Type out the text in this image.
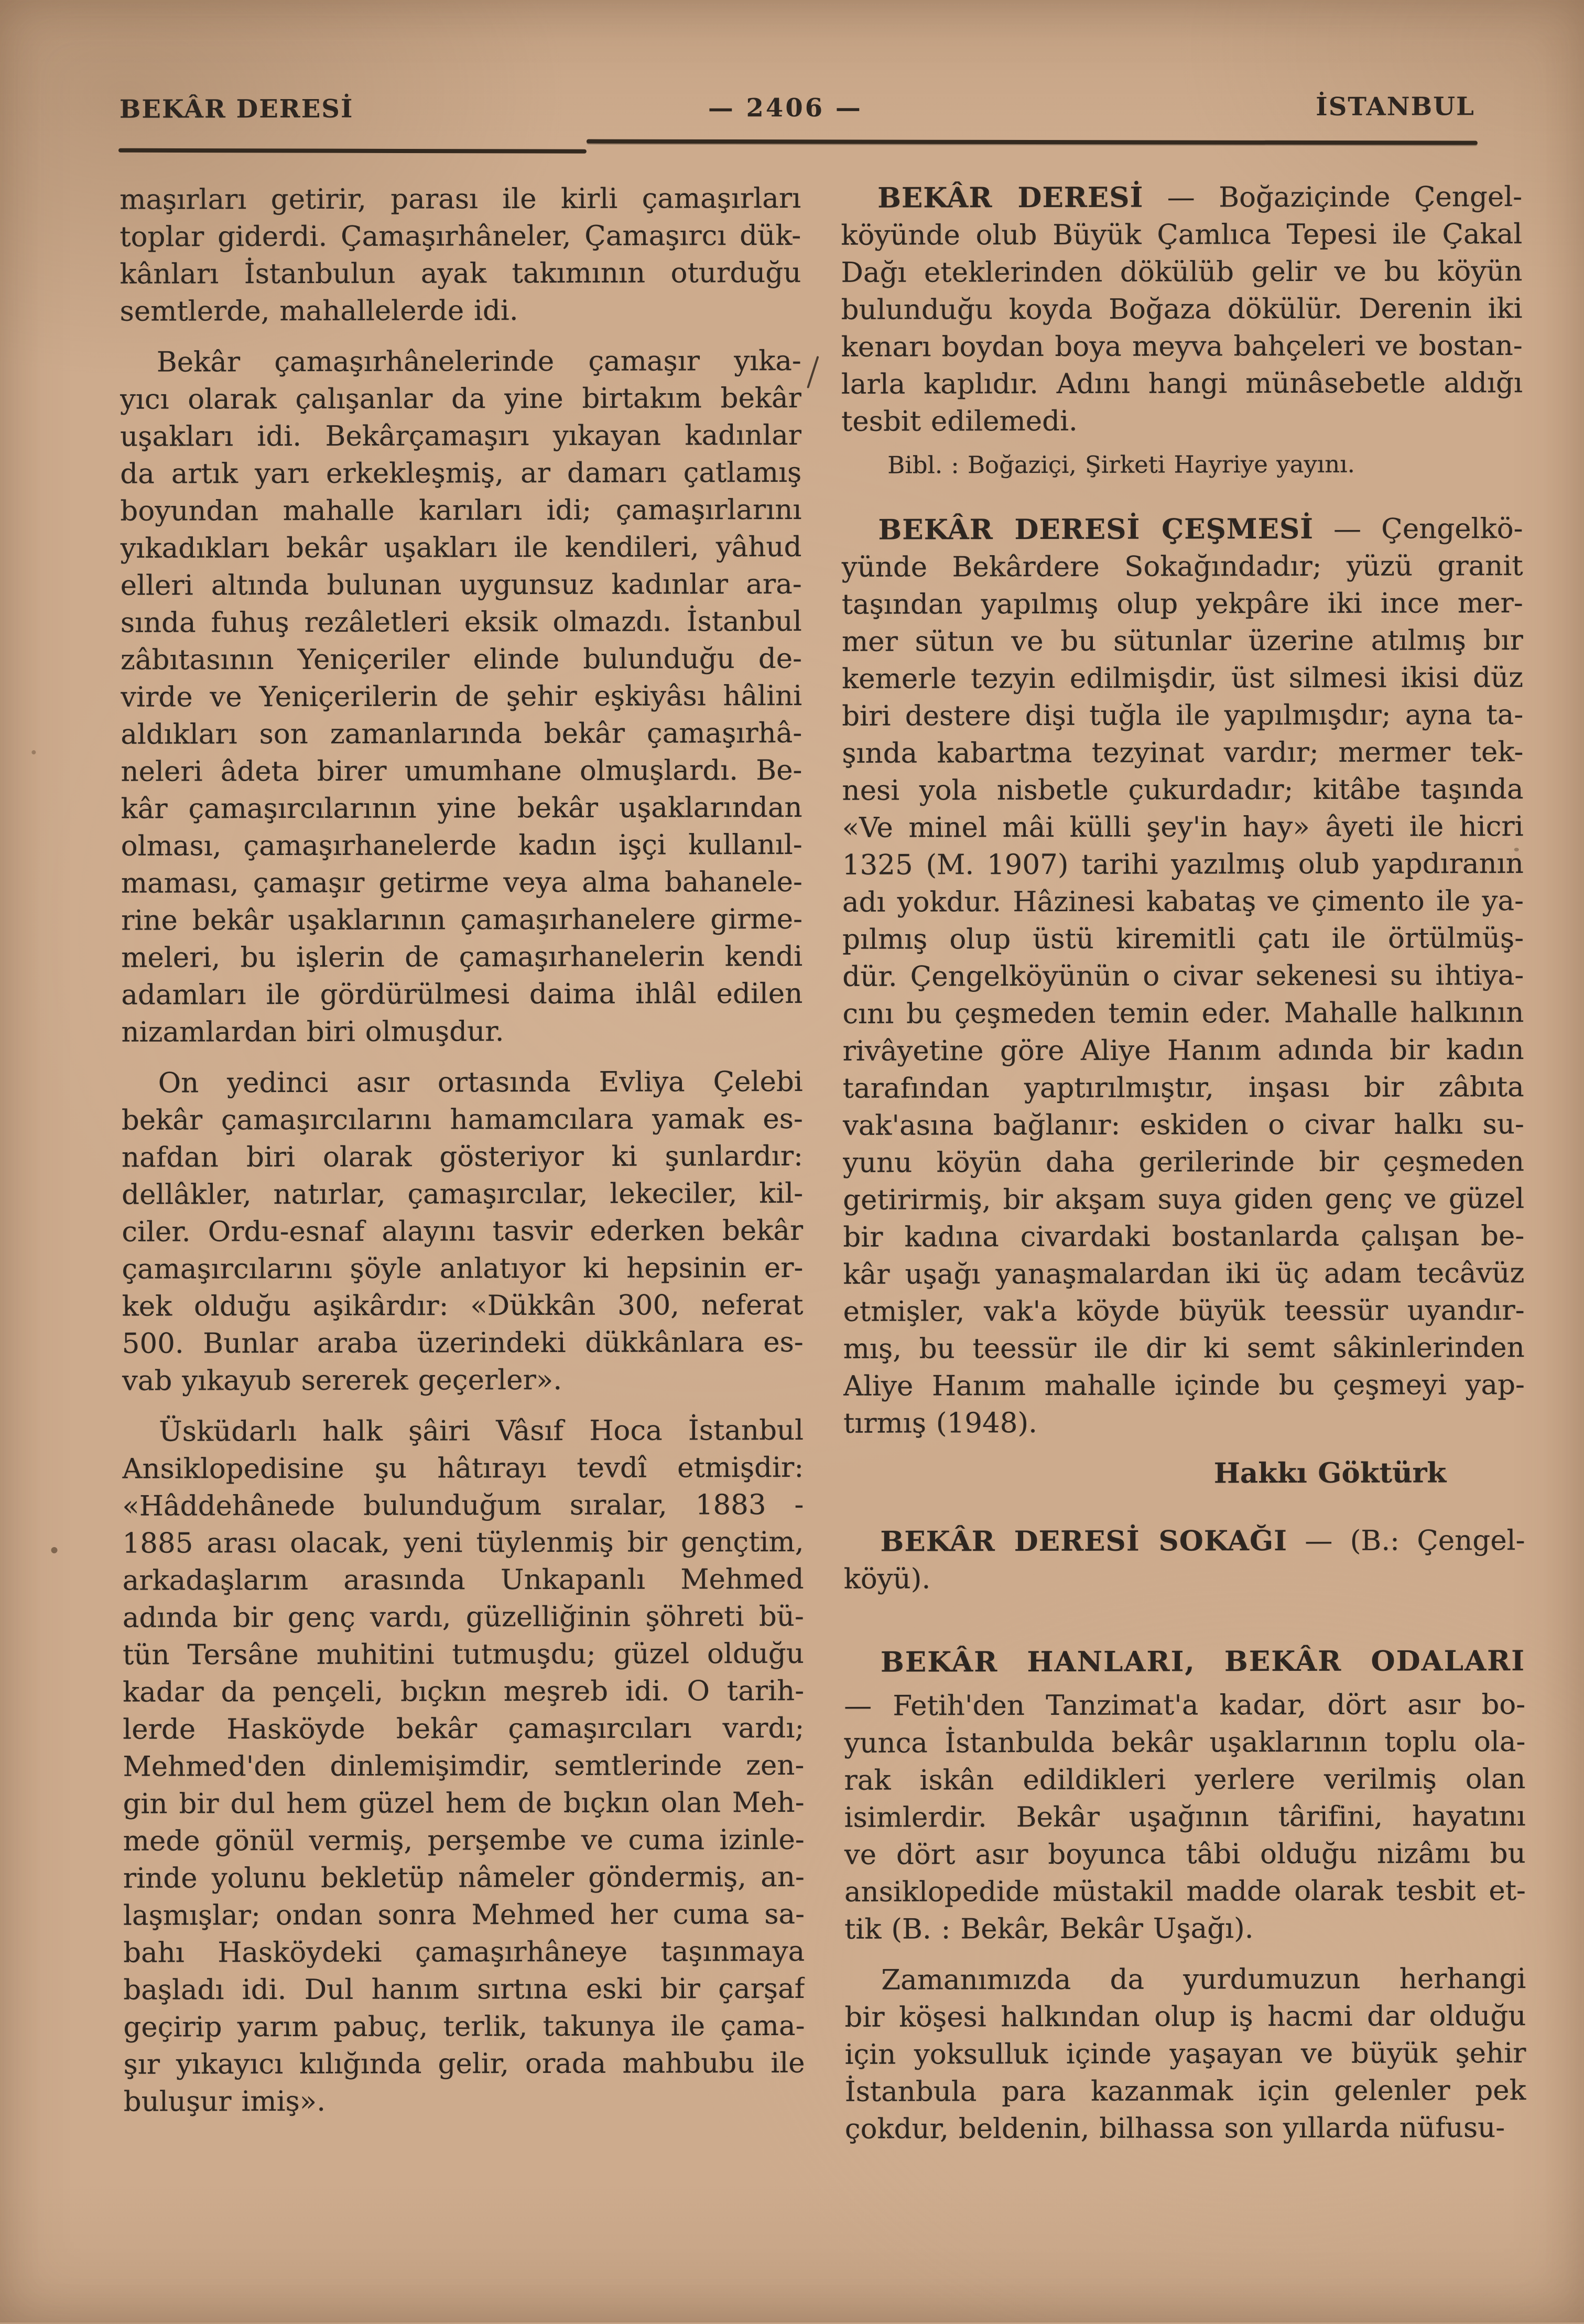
BEKÂR DERESİ	— 2406 —	İSTANBUL
maşırları getirir, parası ile kirli çamaşırları
toplar giderdi. Çamaşırhâneler, Çamaşırcı dük-
kânları İstanbulun ayak takımının oturduğu
semtlerde, mahallelerde idi.
Bekâr çamaşırhânelerinde çamaşır yıka-
yıcı olarak çalışanlar da yine birtakım bekâr
uşakları idi. Bekârçamaşırı yıkayan kadınlar
da artık yarı erkekleşmiş, ar damarı çatlamış
boyundan mahalle karıları idi; çamaşırlarını
yıkadıkları bekâr uşakları ile kendileri, yâhud
elleri altında bulunan uygunsuz kadınlar ara-
sında fuhuş rezâletleri eksik olmazdı. İstanbul
zâbıtasının Yeniçeriler elinde bulunduğu de-
virde ve Yeniçerilerin de şehir eşkiyâsı hâlini
aldıkları son zamanlarında bekâr çamaşırhâ-
neleri âdeta birer umumhane olmuşlardı. Be-
kâr çamaşırcılarının yine bekâr uşaklarından
olması, çamaşırhanelerde kadın işçi kullanıl-
maması, çamaşır getirme veya alma bahanele-
rine bekâr uşaklarının çamaşırhanelere girme-
meleri, bu işlerin de çamaşırhanelerin kendi
adamları ile gördürülmesi daima ihlâl edilen
nizamlardan biri olmuşdur.
On yedinci asır ortasında Evliya Çelebi
bekâr çamaşırcılarını hamamcılara yamak es-
nafdan biri olarak gösteriyor ki şunlardır:
dellâkler, natırlar, çamaşırcılar, lekeciler, kil-
ciler. Ordu-esnaf alayını tasvir ederken bekâr
çamaşırcılarını şöyle anlatıyor ki hepsinin er-
kek olduğu aşikârdır: «Dükkân 300, neferat
500. Bunlar araba üzerindeki dükkânlara es-
vab yıkayub sererek geçerler».
Üsküdarlı halk şâiri Vâsıf Hoca İstanbul
Ansiklopedisine şu hâtırayı tevdî etmişdir:
«Hâddehânede bulunduğum sıralar, 1883 -
1885 arası olacak, yeni tüylenmiş bir gençtim,
arkadaşlarım arasında Unkapanlı Mehmed
adında bir genç vardı, güzelliğinin şöhreti bü-
tün Tersâne muhitini tutmuşdu; güzel olduğu
kadar da pençeli, bıçkın meşreb idi. O tarih-
lerde Hasköyde bekâr çamaşırcıları vardı;
Mehmed'den dinlemişimdir, semtlerinde zen-
gin bir dul hem güzel hem de bıçkın olan Meh-
mede gönül vermiş, perşembe ve cuma izinle-
rinde yolunu bekletüp nâmeler göndermiş, an-
laşmışlar; ondan sonra Mehmed her cuma sa-
bahı Hasköydeki çamaşırhâneye taşınmaya
başladı idi. Dul hanım sırtına eski bir çarşaf
geçirip yarım pabuç, terlik, takunya ile çama-
şır yıkayıcı kılığında gelir, orada mahbubu ile
buluşur imiş».
BEKÂR DERESİ — Boğaziçinde Çengel-
köyünde olub Büyük Çamlıca Tepesi ile Çakal
Dağı eteklerinden dökülüb gelir ve bu köyün
bulunduğu koyda Boğaza dökülür. Derenin iki
kenarı boydan boya meyva bahçeleri ve bostan-
larla kaplıdır. Adını hangi münâsebetle aldığı
tesbit edilemedi.
Bibl. : Boğaziçi, Şirketi Hayriye yayını.
BEKÂR DERESİ ÇEŞMESİ — Çengelkö-
yünde Bekârdere Sokağındadır; yüzü granit
taşından yapılmış olup yekpâre iki ince mer-
mer sütun ve bu sütunlar üzerine atılmış bır
kemerle tezyin edilmişdir, üst silmesi ikisi düz
biri destere dişi tuğla ile yapılmışdır; ayna ta-
şında kabartma tezyinat vardır; mermer tek-
nesi yola nisbetle çukurdadır; kitâbe taşında
«Ve minel mâi külli şey'in hay» âyeti ile hicri
1325 (M. 1907) tarihi yazılmış olub yapdıranın
adı yokdur. Hâzinesi kabataş ve çimento ile ya-
pılmış olup üstü kiremitli çatı ile örtülmüş-
dür. Çengelköyünün o civar sekenesi su ihtiya-
cını bu çeşmeden temin eder. Mahalle halkının
rivâyetine göre Aliye Hanım adında bir kadın
tarafından yaptırılmıştır, inşası bir zâbıta
vak'asına bağlanır: eskiden o civar halkı su-
yunu köyün daha gerilerinde bir çeşmeden
getirirmiş, bir akşam suya giden genç ve güzel
bir kadına civardaki bostanlarda çalışan be-
kâr uşağı yanaşmalardan iki üç adam tecâvüz
etmişler, vak'a köyde büyük teessür uyandır-
mış, bu teessür ile dir ki semt sâkinlerinden
Aliye Hanım mahalle içinde bu çeşmeyi yap-
tırmış (1948).
Hakkı Göktürk
BEKÂR DERESİ SOKAĞI — (B.: Çengel-
köyü).
BEKÂR HANLARI, BEKÂR ODALARI
— Fetih'den Tanzimat'a kadar, dört asır bo-
yunca İstanbulda bekâr uşaklarının toplu ola-
rak iskân edildikleri yerlere verilmiş olan
isimlerdir. Bekâr uşağının târifini, hayatını
ve dört asır boyunca tâbi olduğu nizâmı bu
ansiklopedide müstakil madde olarak tesbit et-
tik (B. : Bekâr, Bekâr Uşağı).
Zamanımızda da yurdumuzun herhangi
bir köşesi halkından olup iş hacmi dar olduğu
için yoksulluk içinde yaşayan ve büyük şehir
İstanbula para kazanmak için gelenler pek
çokdur, beldenin, bilhassa son yıllarda nüfusu-
